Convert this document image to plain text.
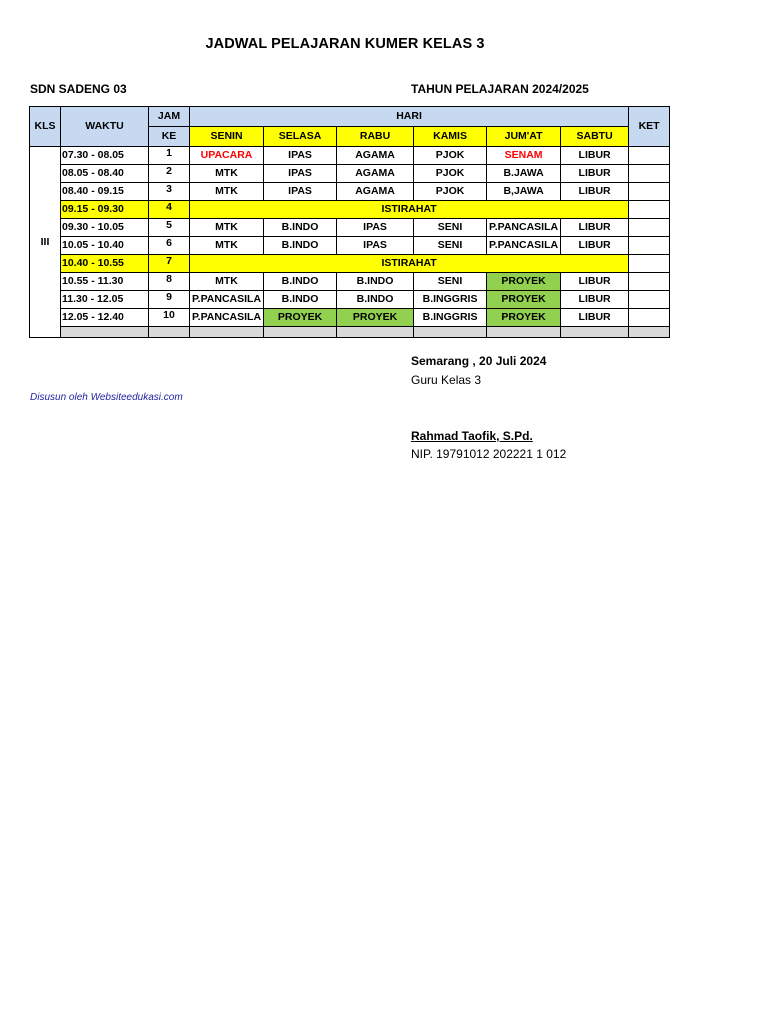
JADWAL PELAJARAN KUMER KELAS 3
SDN SADENG 03	TAHUN PELAJARAN 2024/2025
KLS	WAKTU	JAM	HARI						KET
		KE	SENIN	SELASA	RABU	KAMIS	JUM'AT	SABTU	
III	07.30 - 08.05	1	UPACARA	IPAS	AGAMA	PJOK	SENAM	LIBUR	
	08.05 - 08.40	2	MTK	IPAS	AGAMA	PJOK	B.JAWA	LIBUR	
	08.40 - 09.15	3	MTK	IPAS	AGAMA	PJOK	B,JAWA	LIBUR	
	09.15 - 09.30	4	ISTIRAHAT						
	09.30 - 10.05	5	MTK	B.INDO	IPAS	SENI	P.PANCASILA	LIBUR	
	10.05 - 10.40	6	MTK	B.INDO	IPAS	SENI	P.PANCASILA	LIBUR	
	10.40 - 10.55	7	ISTIRAHAT						
	10.55 - 11.30	8	MTK	B.INDO	B.INDO	SENI	PROYEK	LIBUR	
	11.30 - 12.05	9	P.PANCASILA	B.INDO	B.INDO	B.INGGRIS	PROYEK	LIBUR	
	12.05 - 12.40	10	P.PANCASILA	PROYEK	PROYEK	B.INGGRIS	PROYEK	LIBUR	

Semarang , 20 Juli 2024
Guru Kelas 3
Disusun oleh Websiteedukasi.com
Rahmad Taofik, S.Pd.
NIP. 19791012 202221 1 012
